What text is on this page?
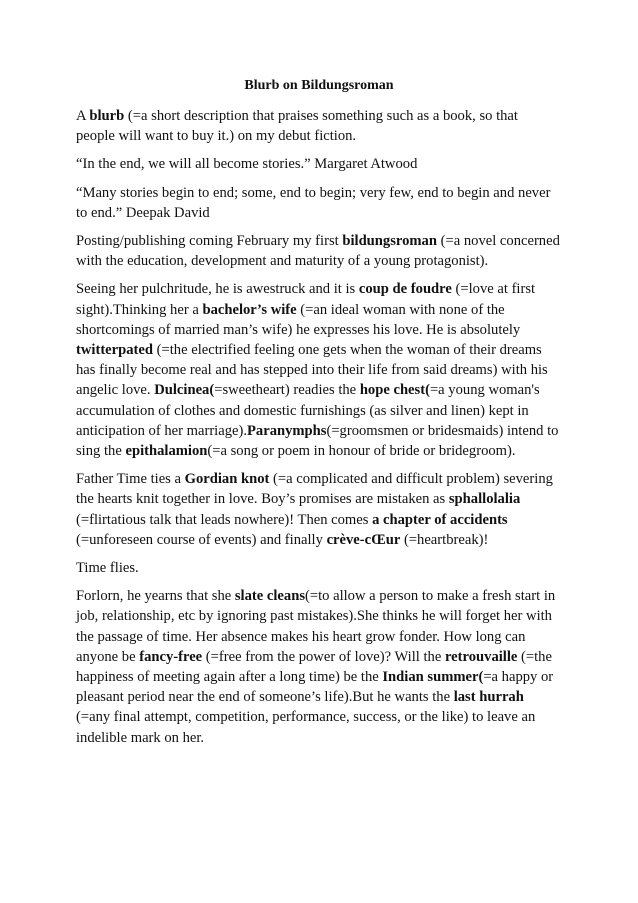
Blurb on Bildungsroman

A blurb (=a short description that praises something such as a book, so that people will want to buy it.) on my debut fiction.

“In the end, we will all become stories.” Margaret Atwood

“Many stories begin to end; some, end to begin; very few, end to begin and never to end.” Deepak David

Posting/publishing coming February my first bildungsroman (=a novel concerned with the education, development and maturity of a young protagonist).

Seeing her pulchritude, he is awestruck and it is coup de foudre (=love at first sight).Thinking her a bachelor’s wife (=an ideal woman with none of the shortcomings of married man’s wife) he expresses his love. He is absolutely twitterpated (=the electrified feeling one gets when the woman of their dreams has finally become real and has stepped into their life from said dreams) with his angelic love. Dulcinea(=sweetheart) readies the hope chest(=a young woman's accumulation of clothes and domestic furnishings (as silver and linen) kept in anticipation of her marriage).Paranymphs(=groomsmen or bridesmaids) intend to sing the epithalamion(=a song or poem in honour of bride or bridegroom).

Father Time ties a Gordian knot (=a complicated and difficult problem) severing the hearts knit together in love. Boy’s promises are mistaken as sphallolalia (=flirtatious talk that leads nowhere)! Then comes a chapter of accidents (=unforeseen course of events) and finally crève-cŒur (=heartbreak)!

Time flies.

Forlorn, he yearns that she slate cleans(=to allow a person to make a fresh start in job, relationship, etc by ignoring past mistakes).She thinks he will forget her with the passage of time. Her absence makes his heart grow fonder. How long can anyone be fancy-free (=free from the power of love)? Will the retrouvaille (=the happiness of meeting again after a long time) be the Indian summer(=a happy or pleasant period near the end of someone’s life).But he wants the last hurrah (=any final attempt, competition, performance, success, or the like) to leave an indelible mark on her.
